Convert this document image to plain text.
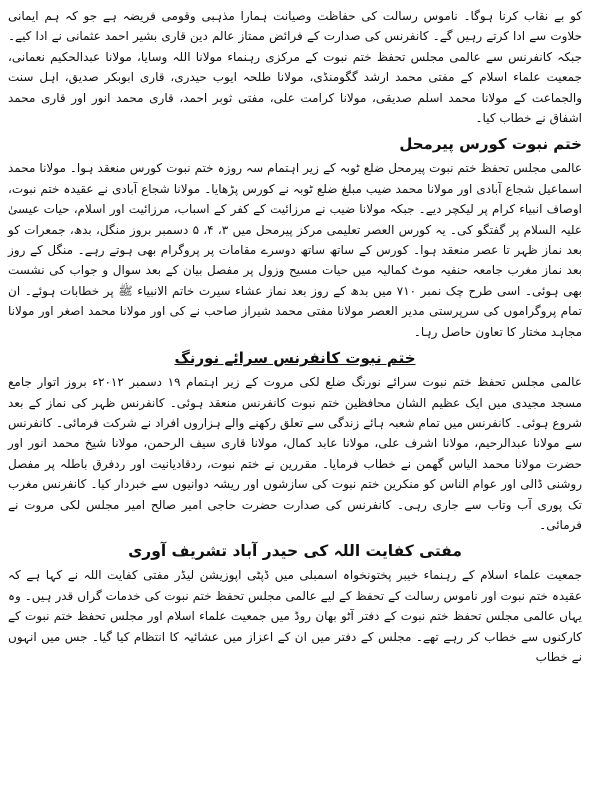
کو بے نقاب کرنا ہوگا۔ ناموس رسالت کی حفاظت وصیانت ہمارا مذہبی وقومی فریضہ ہے جو کہ ہم ایمانی حلاوت سے ادا کرتے رہیں گے۔ کانفرنس کی صدارت کے فرائض ممتاز عالم دین قاری بشیر احمد عثمانی نے ادا کیے۔ جبکہ کانفرنس سے عالمی مجلس تحفظ ختم نبوت کے مرکزی رہنماء مولانا اللہ وسایا، مولانا عبدالحکیم نعمانی، جمعیت علماء اسلام کے مفتی محمد ارشد گگومنڈی، مولانا طلحہ ایوب حیدری، قاری ابوبکر صدیق، اہل سنت والجماعت کے مولانا محمد اسلم صدیقی، مولانا کرامت علی، مفتی ثوبر احمد، قاری محمد انور اور قاری محمد اشفاق نے خطاب کیا۔

ختم نبوت کورس پیرمحل

عالمی مجلس تحفظ ختم نبوت پیرمحل ضلع ٹوبہ کے زیر اہتمام سہ روزہ ختم نبوت کورس منعقد ہوا۔ مولانا محمد اسماعیل شجاع آبادی اور مولانا محمد ضیب مبلغ ضلع ٹوبہ نے کورس پڑھایا۔ مولانا شجاع آبادی نے عقیدہ ختم نبوت، اوصاف انبیاء کرام پر لیکچر دیے۔ جبکہ مولانا ضیب نے مرزائیت کے کفر کے اسباب، مرزائیت اور اسلام، حیات عیسیٰ علیہ السلام پر گفتگو کی۔ یہ کورس العصر تعلیمی مرکز پیرمحل میں ۳، ۴، ۵ دسمبر بروز منگل، بدھ، جمعرات کو بعد نماز ظہر تا عصر منعقد ہوا۔ کورس کے ساتھ ساتھ دوسرے مقامات پر پروگرام بھی ہوتے رہے۔ منگل کے روز بعد نماز مغرب جامعہ حنفیہ موٹ کمالیہ میں حیات مسیح وزول پر مفصل بیان کے بعد سوال و جواب کی نشست بھی ہوئی۔ اسی طرح چک نمبر ۷۱۰ میں بدھ کے روز بعد نماز عشاء سیرت خاتم الانبیاء ﷺ پر خطابات ہوئے۔ ان تمام پروگراموں کی سرپرستی مدیر العصر مولانا مفتی محمد شیراز صاحب نے کی اور مولانا محمد اصغر اور مولانا مجاہد مختار کا تعاون حاصل رہا۔

ختم نبوت کانفرنس سرائے نورنگ

عالمی مجلس تحفظ ختم نبوت سرائے نورنگ ضلع لکی مروت کے زیر اہتمام ۱۹ دسمبر ۲۰۱۲ء بروز اتوار جامع مسجد مجیدی میں ایک عظیم الشان محافظین ختم نبوت کانفرنس منعقد ہوئی۔ کانفرنس ظہر کی نماز کے بعد شروع ہوئی۔ کانفرنس میں تمام شعبہ ہائے زندگی سے تعلق رکھنے والے ہزاروں افراد نے شرکت فرمائی۔ کانفرنس سے مولانا عبدالرحیم، مولانا اشرف علی، مولانا عابد کمال، مولانا قاری سیف الرحمن، مولانا شیخ محمد انور اور حضرت مولانا محمد الیاس گھمن نے خطاب فرمایا۔ مقررین نے ختم نبوت، ردقادیانیت اور ردفرق باطلہ پر مفصل روشنی ڈالی اور عوام الناس کو منکرین ختم نبوت کی سازشوں اور ریشہ دوانیوں سے خبردار کیا۔ کانفرنس مغرب تک پوری آب وتاب سے جاری رہی۔ کانفرنس کی صدارت حضرت حاجی امیر صالح امیر مجلس لکی مروت نے فرمائی۔

مفتی کفایت اللہ کی حیدر آباد تشریف آوری

جمعیت علماء اسلام کے رہنماء خیبر پختونخواہ اسمبلی میں ڈپٹی اپوزیشن لیڈر مفتی کفایت اللہ نے کہا ہے کہ عقیدہ ختم نبوت اور ناموس رسالت کے تحفظ کے لیے عالمی مجلس تحفظ ختم نبوت کی خدمات گراں قدر ہیں۔ وہ یہاں عالمی مجلس تحفظ ختم نبوت کے دفتر آٹو بھان روڈ میں جمعیت علماء اسلام اور مجلس تحفظ ختم نبوت کے کارکنوں سے خطاب کر رہے تھے۔ مجلس کے دفتر میں ان کے اعزاز میں عشائیہ کا انتظام کیا گیا۔ جس میں انہوں نے خطاب
